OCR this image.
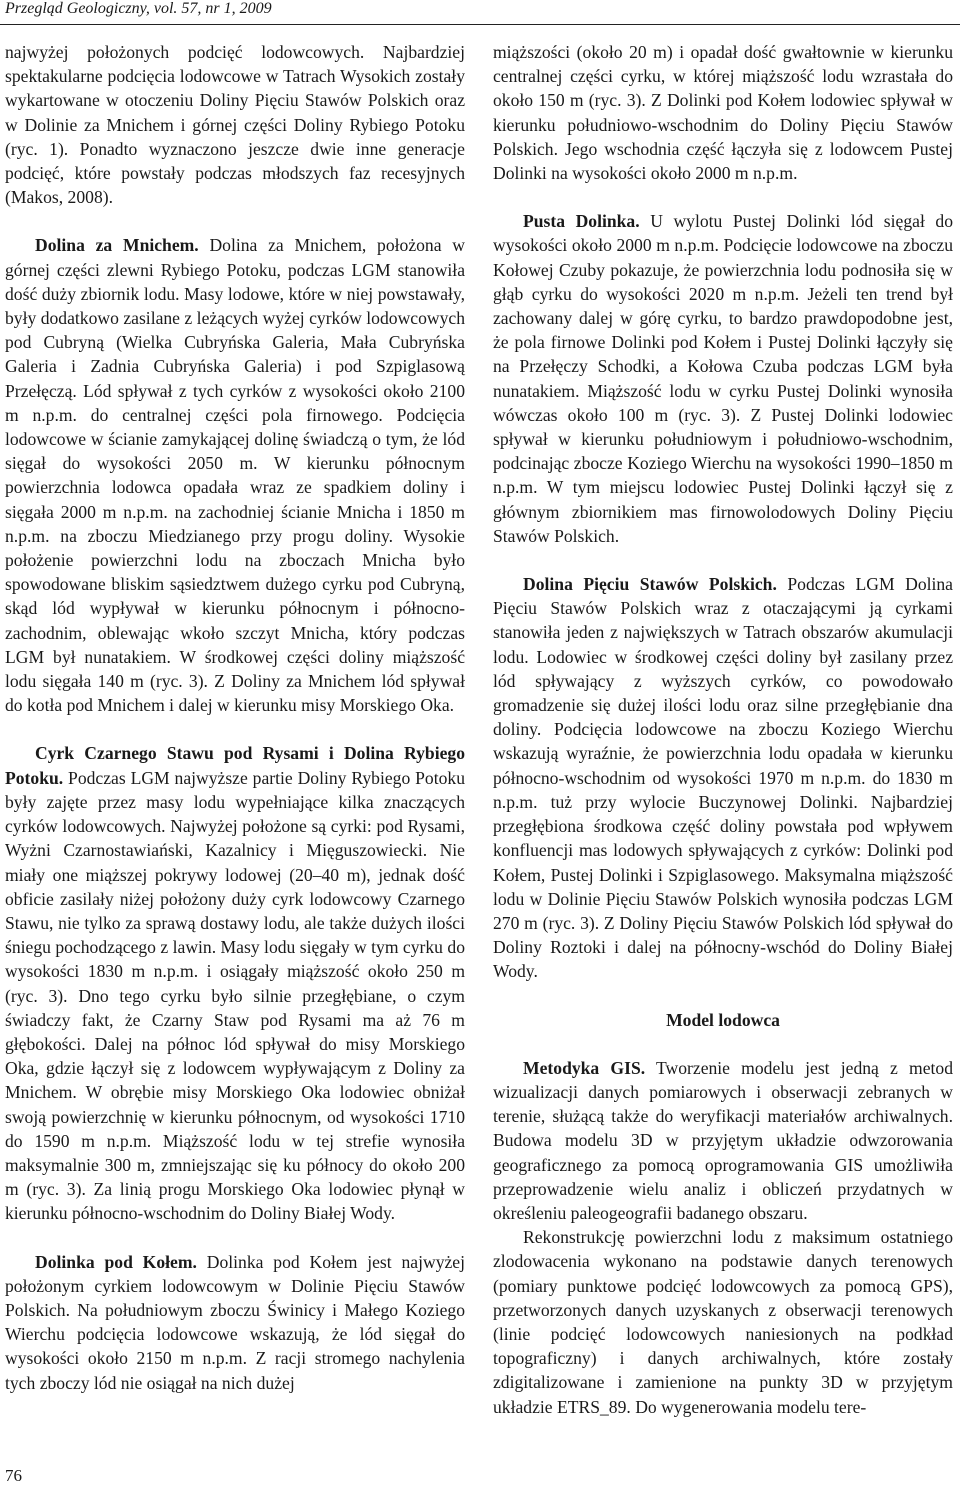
Przegląd Geologiczny, vol. 57, nr 1, 2009

najwyżej położonych podcięć lodowcowych. Najbardziej spektakularne podcięcia lodowcowe w Tatrach Wysokich zostały wykartowane w otoczeniu Doliny Pięciu Stawów Polskich oraz w Dolinie za Mnichem i górnej części Doliny Rybiego Potoku (ryc. 1). Ponadto wyznaczono jeszcze dwie inne generacje podcięć, które powstały podczas młodszych faz recesyjnych (Makos, 2008).

Dolina za Mnichem. Dolina za Mnichem, położona w górnej części zlewni Rybiego Potoku, podczas LGM stanowiła dość duży zbiornik lodu. Masy lodowe, które w niej powstawały, były dodatkowo zasilane z leżących wyżej cyrków lodowcowych pod Cubryną (Wielka Cubryńska Galeria, Mała Cubryńska Galeria i Zadnia Cubryńska Galeria) i pod Szpiglasową Przełęczą. Lód spływał z tych cyrków z wysokości około 2100 m n.p.m. do centralnej części pola firnowego. Podcięcia lodowcowe w ścianie zamykającej dolinę świadczą o tym, że lód sięgał do wysokości 2050 m. W kierunku północnym powierzchnia lodowca opadała wraz ze spadkiem doliny i sięgała 2000 m n.p.m. na zachodniej ścianie Mnicha i 1850 m n.p.m. na zboczu Miedzianego przy progu doliny. Wysokie położenie powierzchni lodu na zboczach Mnicha było spowodowane bliskim sąsiedztwem dużego cyrku pod Cubryną, skąd lód wypływał w kierunku północnym i północno-zachodnim, oblewając wkoło szczyt Mnicha, który podczas LGM był nunatakiem. W środkowej części doliny miąższość lodu sięgała 140 m (ryc. 3). Z Doliny za Mnichem lód spływał do kotła pod Mnichem i dalej w kierunku misy Morskiego Oka.

Cyrk Czarnego Stawu pod Rysami i Dolina Rybiego Potoku. Podczas LGM najwyższe partie Doliny Rybiego Potoku były zajęte przez masy lodu wypełniające kilka znaczących cyrków lodowcowych. Najwyżej położone są cyrki: pod Rysami, Wyżni Czarnostawiański, Kazalnicy i Mięguszowiecki. Nie miały one miąższej pokrywy lodowej (20–40 m), jednak dość obficie zasilały niżej położony duży cyrk lodowcowy Czarnego Stawu, nie tylko za sprawą dostawy lodu, ale także dużych ilości śniegu pochodzącego z lawin. Masy lodu sięgały w tym cyrku do wysokości 1830 m n.p.m. i osiągały miąższość około 250 m (ryc. 3). Dno tego cyrku było silnie przegłębiane, o czym świadczy fakt, że Czarny Staw pod Rysami ma aż 76 m głębokości. Dalej na północ lód spływał do misy Morskiego Oka, gdzie łączył się z lodowcem wypływającym z Doliny za Mnichem. W obrębie misy Morskiego Oka lodowiec obniżał swoją powierzchnię w kierunku północnym, od wysokości 1710 do 1590 m n.p.m. Miąższość lodu w tej strefie wynosiła maksymalnie 300 m, zmniejszając się ku północy do około 200 m (ryc. 3). Za linią progu Morskiego Oka lodowiec płynął w kierunku północno-wschodnim do Doliny Białej Wody.

Dolinka pod Kołem. Dolinka pod Kołem jest najwyżej położonym cyrkiem lodowcowym w Dolinie Pięciu Stawów Polskich. Na południowym zboczu Świnicy i Małego Koziego Wierchu podcięcia lodowcowe wskazują, że lód sięgał do wysokości około 2150 m n.p.m. Z racji stromego nachylenia tych zboczy lód nie osiągał na nich dużej

miąższości (około 20 m) i opadał dość gwałtownie w kierunku centralnej części cyrku, w której miąższość lodu wzrastała do około 150 m (ryc. 3). Z Dolinki pod Kołem lodowiec spływał w kierunku południowo-wschodnim do Doliny Pięciu Stawów Polskich. Jego wschodnia część łączyła się z lodowcem Pustej Dolinki na wysokości około 2000 m n.p.m.

Pusta Dolinka. U wylotu Pustej Dolinki lód sięgał do wysokości około 2000 m n.p.m. Podcięcie lodowcowe na zboczu Kołowej Czuby pokazuje, że powierzchnia lodu podnosiła się w głąb cyrku do wysokości 2020 m n.p.m. Jeżeli ten trend był zachowany dalej w górę cyrku, to bardzo prawdopodobne jest, że pola firnowe Dolinki pod Kołem i Pustej Dolinki łączyły się na Przełęczy Schodki, a Kołowa Czuba podczas LGM była nunatakiem. Miąższość lodu w cyrku Pustej Dolinki wynosiła wówczas około 100 m (ryc. 3). Z Pustej Dolinki lodowiec spływał w kierunku południowym i południowo-wschodnim, podcinając zbocze Koziego Wierchu na wysokości 1990–1850 m n.p.m. W tym miejscu lodowiec Pustej Dolinki łączył się z głównym zbiornikiem mas firnowolodowych Doliny Pięciu Stawów Polskich.

Dolina Pięciu Stawów Polskich. Podczas LGM Dolina Pięciu Stawów Polskich wraz z otaczającymi ją cyrkami stanowiła jeden z największych w Tatrach obszarów akumulacji lodu. Lodowiec w środkowej części doliny był zasilany przez lód spływający z wyższych cyrków, co powodowało gromadzenie się dużej ilości lodu oraz silne przegłębianie dna doliny. Podcięcia lodowcowe na zboczu Koziego Wierchu wskazują wyraźnie, że powierzchnia lodu opadała w kierunku północno-wschodnim od wysokości 1970 m n.p.m. do 1830 m n.p.m. tuż przy wylocie Buczynowej Dolinki. Najbardziej przegłębiona środkowa część doliny powstała pod wpływem konfluencji mas lodowych spływających z cyrków: Dolinki pod Kołem, Pustej Dolinki i Szpiglasowego. Maksymalna miąższość lodu w Dolinie Pięciu Stawów Polskich wynosiła podczas LGM 270 m (ryc. 3). Z Doliny Pięciu Stawów Polskich lód spływał do Doliny Roztoki i dalej na północny-wschód do Doliny Białej Wody.

Model lodowca

Metodyka GIS. Tworzenie modelu jest jedną z metod wizualizacji danych pomiarowych i obserwacji zebranych w terenie, służącą także do weryfikacji materiałów archiwalnych. Budowa modelu 3D w przyjętym układzie odwzorowania geograficznego za pomocą oprogramowania GIS umożliwiła przeprowadzenie wielu analiz i obliczeń przydatnych w określeniu paleogeografii badanego obszaru.

Rekonstrukcję powierzchni lodu z maksimum ostatniego zlodowacenia wykonano na podstawie danych terenowych (pomiary punktowe podcięć lodowcowych za pomocą GPS), przetworzonych danych uzyskanych z obserwacji terenowych (linie podcięć lodowcowych naniesionych na podkład topograficzny) i danych archiwalnych, które zostały zdigitalizowane i zamienione na punkty 3D w przyjętym układzie ETRS_89. Do wygenerowania modelu tere-

76
